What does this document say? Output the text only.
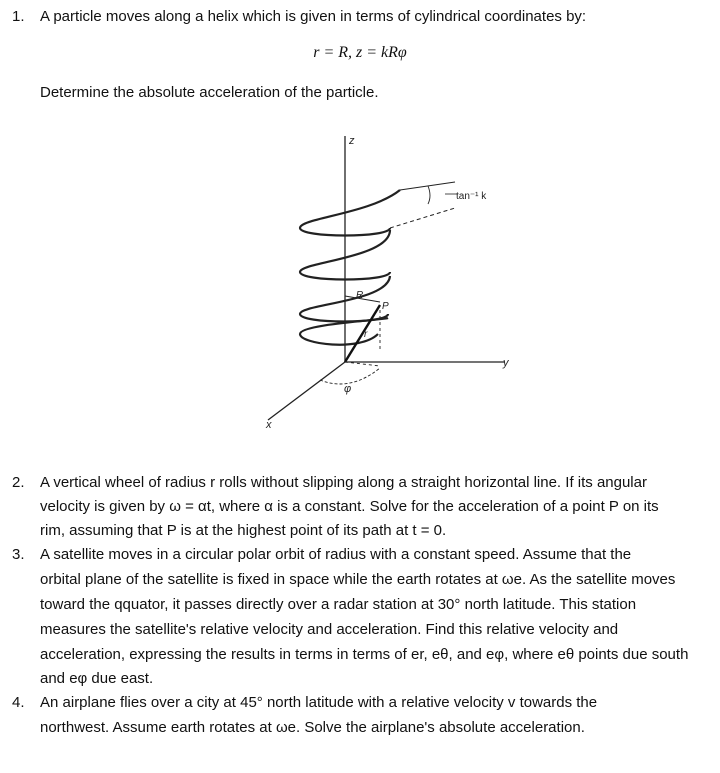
1. A particle moves along a helix which is given in terms of cylindrical coordinates by:
r = R, z = kRφ
Determine the absolute acceleration of the particle.
z
y
x
tan⁻¹ k
R
P
r
φ
2. A vertical wheel of radius r rolls without slipping along a straight horizontal line. If its angular
velocity is given by ω = αt, where α is a constant. Solve for the acceleration of a point P on its
rim, assuming that P is at the highest point of its path at t = 0.
3. A satellite moves in a circular polar orbit of radius with a constant speed. Assume that the
orbital plane of the satellite is fixed in space while the earth rotates at ωe. As the satellite moves
toward the qquator, it passes directly over a radar station at 30° north latitude. This station
measures the satellite's relative velocity and acceleration. Find this relative velocity and
acceleration, expressing the results in terms in terms of er, eθ, and eφ, where eθ points due south
and eφ due east.
4. An airplane flies over a city at 45° north latitude with a relative velocity v towards the
northwest. Assume earth rotates at ωe. Solve the airplane's absolute acceleration.
